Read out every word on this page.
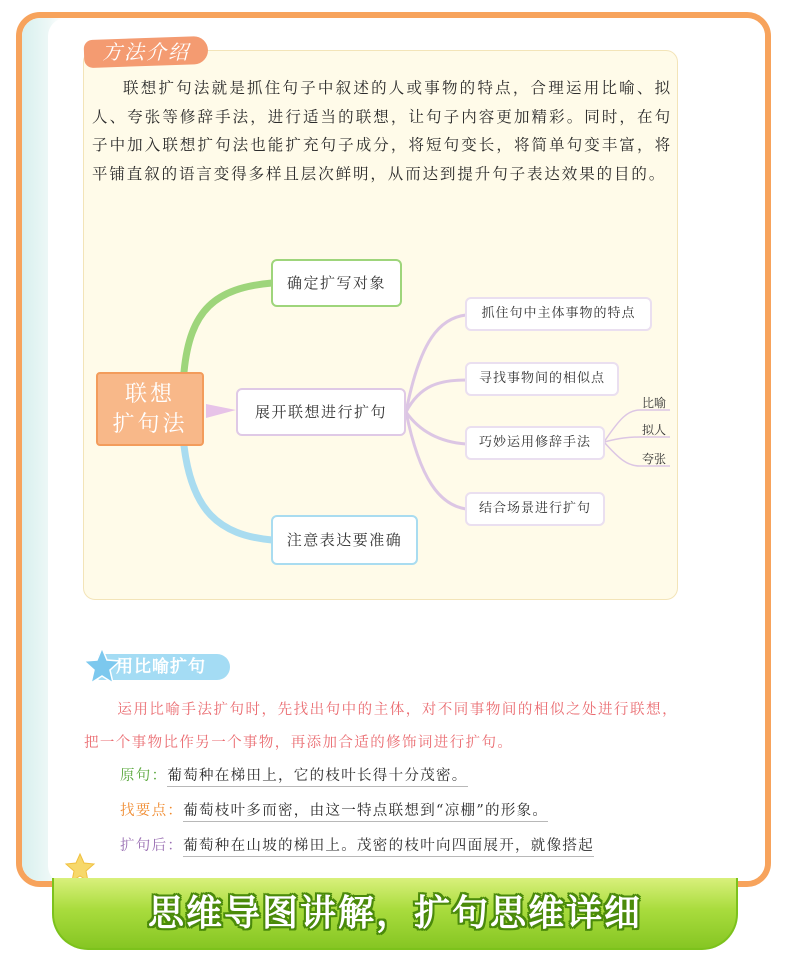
方法介绍
联想扩句法就是抓住句子中叙述的人或事物的特点，合理运用比喻、拟人、夸张等修辞手法，进行适当的联想，让句子内容更加精彩。同时，在句子中加入联想扩句法也能扩充句子成分，将短句变长，将简单句变丰富，将平铺直叙的语言变得多样且层次鲜明，从而达到提升句子表达效果的目的。
联想
扩句法
确定扩写对象
展开联想进行扩句
注意表达要准确
抓住句中主体事物的特点
寻找事物间的相似点
巧妙运用修辞手法
结合场景进行扩句
比喻
拟人
夸张
用比喻扩句
运用比喻手法扩句时，先找出句中的主体，对不同事物间的相似之处进行联想，把一个事物比作另一个事物，再添加合适的修饰词进行扩句。
原句：葡萄种在梯田上，它的枝叶长得十分茂密。
找要点：葡萄枝叶多而密，由这一特点联想到“凉棚”的形象。
扩句后：葡萄种在山坡的梯田上。茂密的枝叶向四面展开，就像搭起
思维导图讲解，扩句思维详细
